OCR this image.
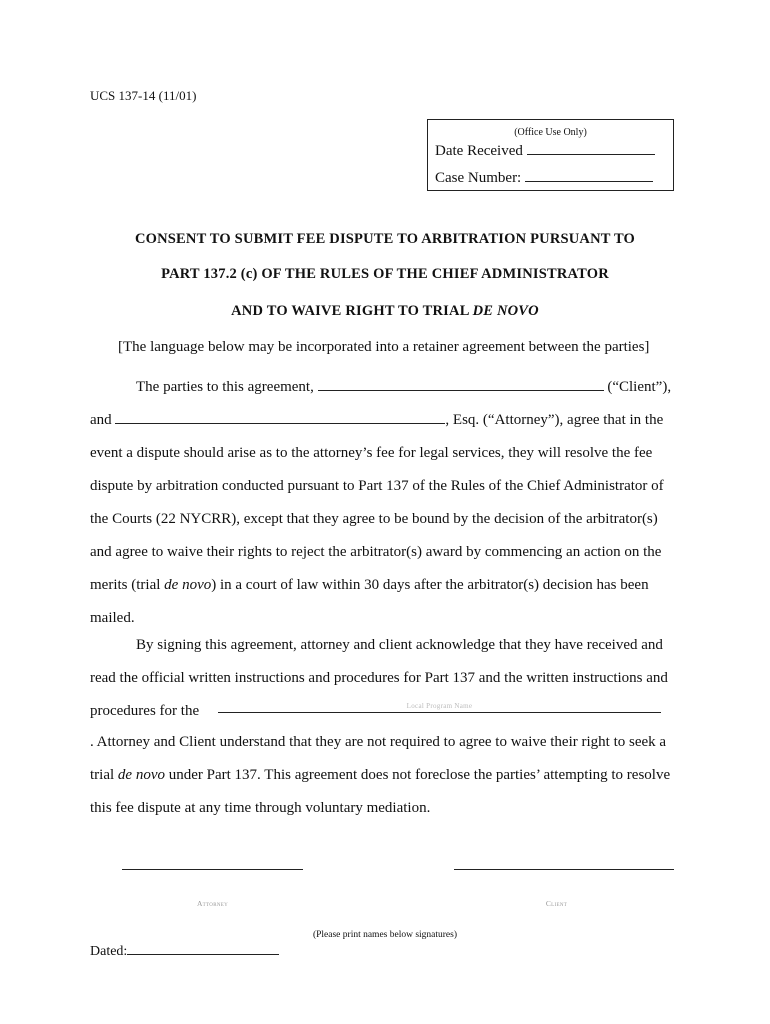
UCS 137-14 (11/01)
(Office Use Only)
Date Received
Case Number:
CONSENT TO SUBMIT FEE DISPUTE TO ARBITRATION PURSUANT TO
PART 137.2 (c) OF THE RULES OF THE CHIEF ADMINISTRATOR
AND TO WAIVE RIGHT TO TRIAL DE NOVO
[The language below may be incorporated into a retainer agreement between the parties]
The parties to this agreement,	(“Client”), and	, Esq. (“Attorney”), agree that in the event a dispute should arise as to the attorney’s fee for legal services, they will resolve the fee dispute by arbitration conducted pursuant to Part 137 of the Rules of the Chief Administrator of the Courts (22 NYCRR), except that they agree to be bound by the decision of the arbitrator(s) and agree to waive their rights to reject the arbitrator(s) award by commencing an action on the merits (trial de novo) in a court of law within 30 days after the arbitrator(s) decision has been mailed.
By signing this agreement, attorney and client acknowledge that they have received and read the official written instructions and procedures for Part 137 and the written instructions and procedures for the	Local Program Name
. Attorney and Client understand that they are not required to agree to waive their right to seek a trial de novo under Part 137. This agreement does not foreclose the parties’ attempting to resolve this fee dispute at any time through voluntary mediation.
Attorney	Client
(Please print names below signatures)
Dated:
